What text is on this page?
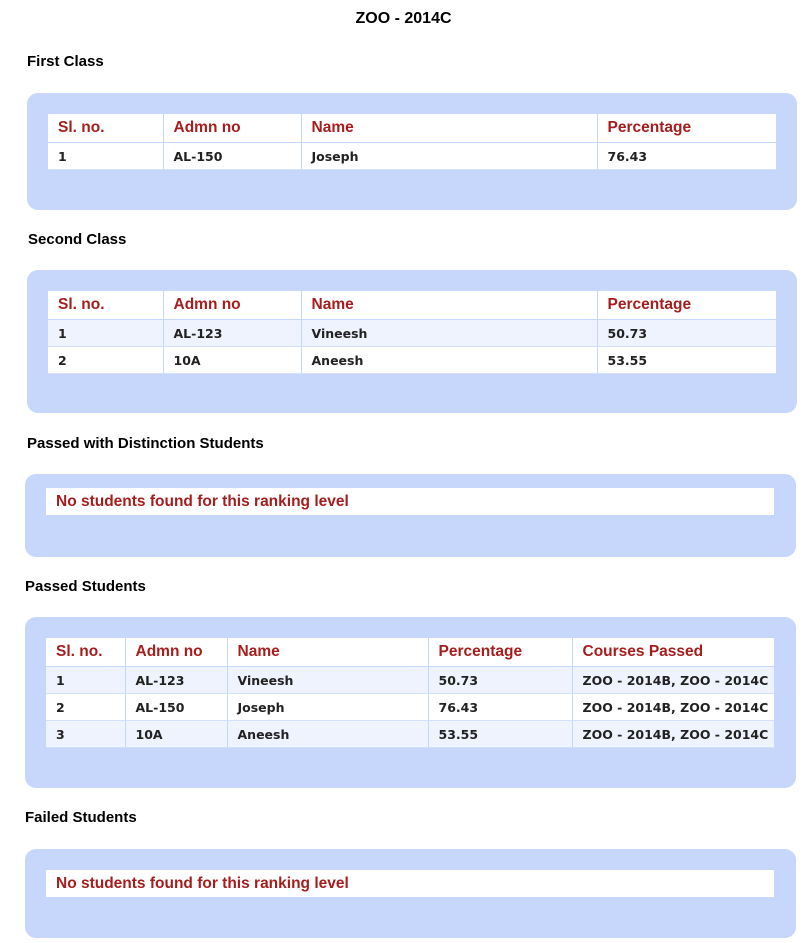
ZOO - 2014C
First Class
Sl. no.	Admn no	Name	Percentage
1	AL-150	Joseph	76.43
Second Class
Sl. no.	Admn no	Name	Percentage
1	AL-123	Vineesh	50.73
2	10A	Aneesh	53.55
Passed with Distinction Students
No students found for this ranking level
Passed Students
Sl. no.	Admn no	Name	Percentage	Courses Passed
1	AL-123	Vineesh	50.73	ZOO - 2014B, ZOO - 2014C
2	AL-150	Joseph	76.43	ZOO - 2014B, ZOO - 2014C
3	10A	Aneesh	53.55	ZOO - 2014B, ZOO - 2014C
Failed Students
No students found for this ranking level
